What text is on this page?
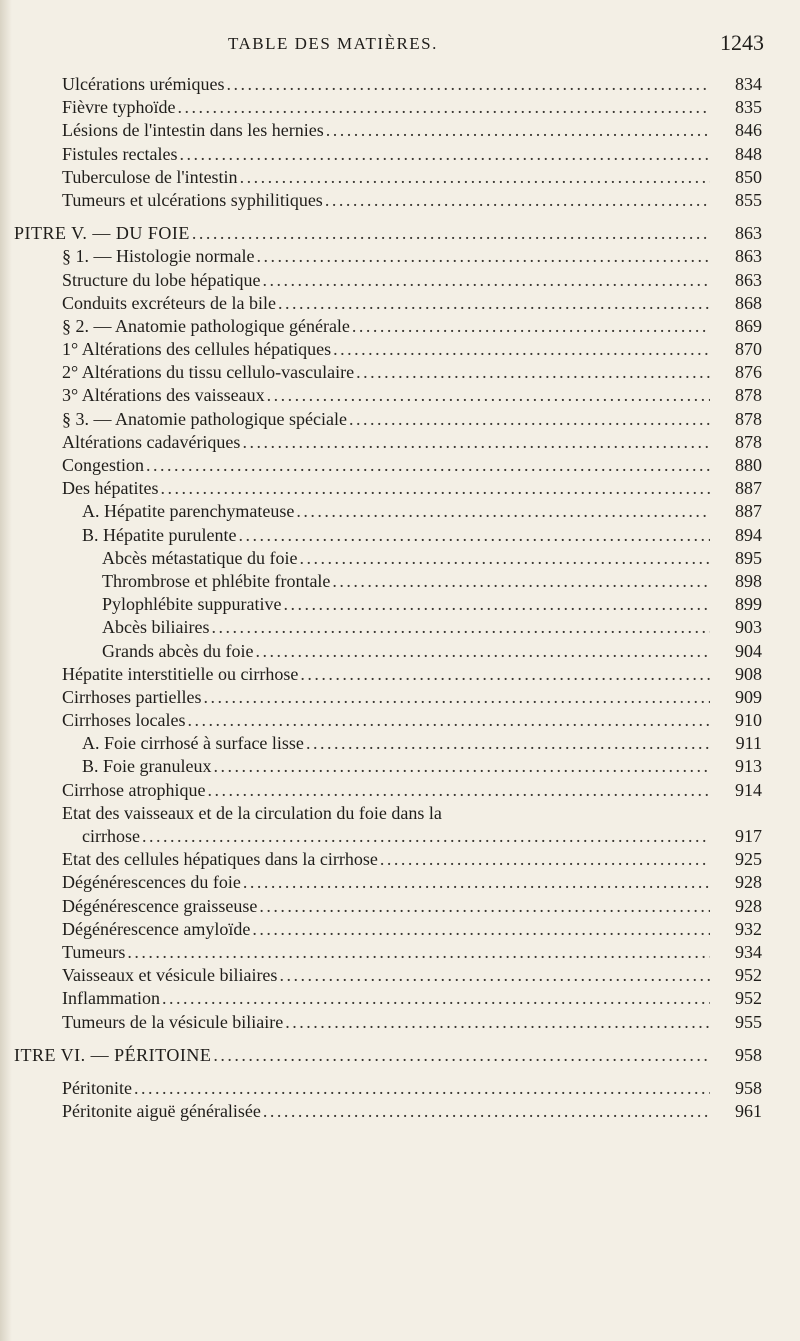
TABLE DES MATIÈRES.	1243
Ulcérations urémiques . . .	834
Fièvre typhoïde . . .	835
Lésions de l'intestin dans les hernies . . .	846
Fistules rectales . . .	848
Tuberculose de l'intestin . . .	850
Tumeurs et ulcérations syphilitiques . . .	855
PITRE V. — DU FOIE . . .	863
§ 1. — Histologie normale . . .	863
Structure du lobe hépatique . . .	863
Conduits excréteurs de la bile . . .	868
§ 2. — Anatomie pathologique générale . . .	869
1° Altérations des cellules hépatiques . . .	870
2° Altérations du tissu cellulo-vasculaire . . .	876
3° Altérations des vaisseaux . . .	878
§ 3. — Anatomie pathologique spéciale . . .	878
Altérations cadavériques . . .	878
Congestion . . .	880
Des hépatites . . .	887
A. Hépatite parenchymateuse . . .	887
B. Hépatite purulente . . .	894
Abcès métastatique du foie . . .	895
Thrombrose et phlébite frontale . . .	898
Pylophlébite suppurative . . .	899
Abcès biliaires . . .	903
Grands abcès du foie . . .	904
Hépatite interstitielle ou cirrhose . . .	908
Cirrhoses partielles . . .	909
Cirrhoses locales . . .	910
A. Foie cirrhosé à surface lisse . . .	911
B. Foie granuleux . . .	913
Cirrhose atrophique . . .	914
Etat des vaisseaux et de la circulation du foie dans la
cirrhose . . .	917
Etat des cellules hépatiques dans la cirrhose . . .	925
Dégénérescences du foie . . .	928
Dégénérescence graisseuse . . .	928
Dégénérescence amyloïde . . .	932
Tumeurs . . .	934
Vaisseaux et vésicule biliaires . . .	952
Inflammation . . .	952
Tumeurs de la vésicule biliaire . . .	955
ITRE VI. — PÉRITOINE . . .	958
Péritonite . . .	958
Péritonite aiguë généralisée . . .	961
